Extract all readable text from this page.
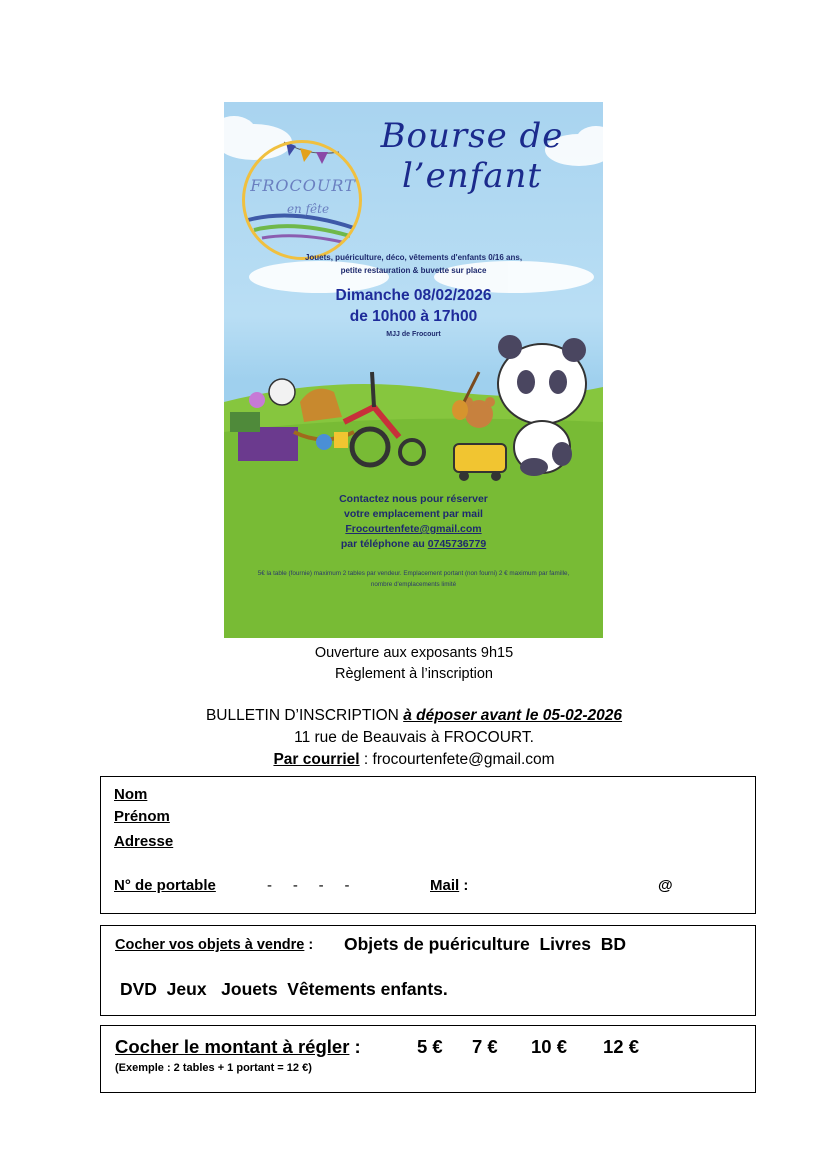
FROCOURT
en fête
Bourse de
l’enfant
Jouets, puériculture, déco, vêtements d'enfants 0/16 ans,
petite restauration & buvette sur place
Dimanche 08/02/2026
de 10h00 à 17h00
MJJ de Frocourt
Contactez nous pour réserver
votre emplacement par mail
Frocourtenfete@gmail.com
par téléphone au 0745736779
5€ la table (fournie) maximum 2 tables par vendeur. Emplacement portant (non fourni) 2 € maximum par famille, nombre d'emplacements limité
Ouverture aux exposants 9h15
Règlement à l’inscription
BULLETIN D’INSCRIPTION à déposer avant le 05-02-2026
11 rue de Beauvais à FROCOURT.
Par courriel : frocourtenfete@gmail.com
Nom
Prénom
Adresse
N° de portable	-     -     -     -	Mail :	@
Cocher vos objets à vendre : Objets de puériculture  Livres  BD
DVD  Jeux   Jouets  Vêtements enfants.
Cocher le montant à régler :	5 € 7 € 10 € 12 €
(Exemple : 2 tables + 1 portant = 12 €)
